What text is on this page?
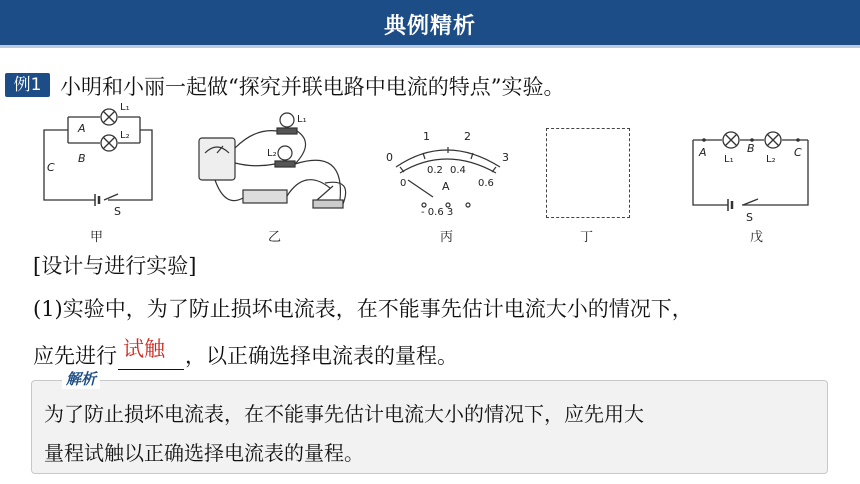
典例精析
例1 小明和小丽一起做“探究并联电路中电流的特点”实验。
A
B
C
L₁
L₂
S
甲
L₁
L₂
乙
0
1	2
3
0
0.2 0.4
0.6
A
- 0.6 3
丙	丁
A	B	C
L₁	L₂
S
戊
[设计与进行实验]
(1)实验中，为了防止损坏电流表，在不能事先估计电流大小的情况下，
应先进行 试触 ，以正确选择电流表的量程。
解析
为了防止损坏电流表，在不能事先估计电流大小的情况下，应先用大
量程试触以正确选择电流表的量程。
